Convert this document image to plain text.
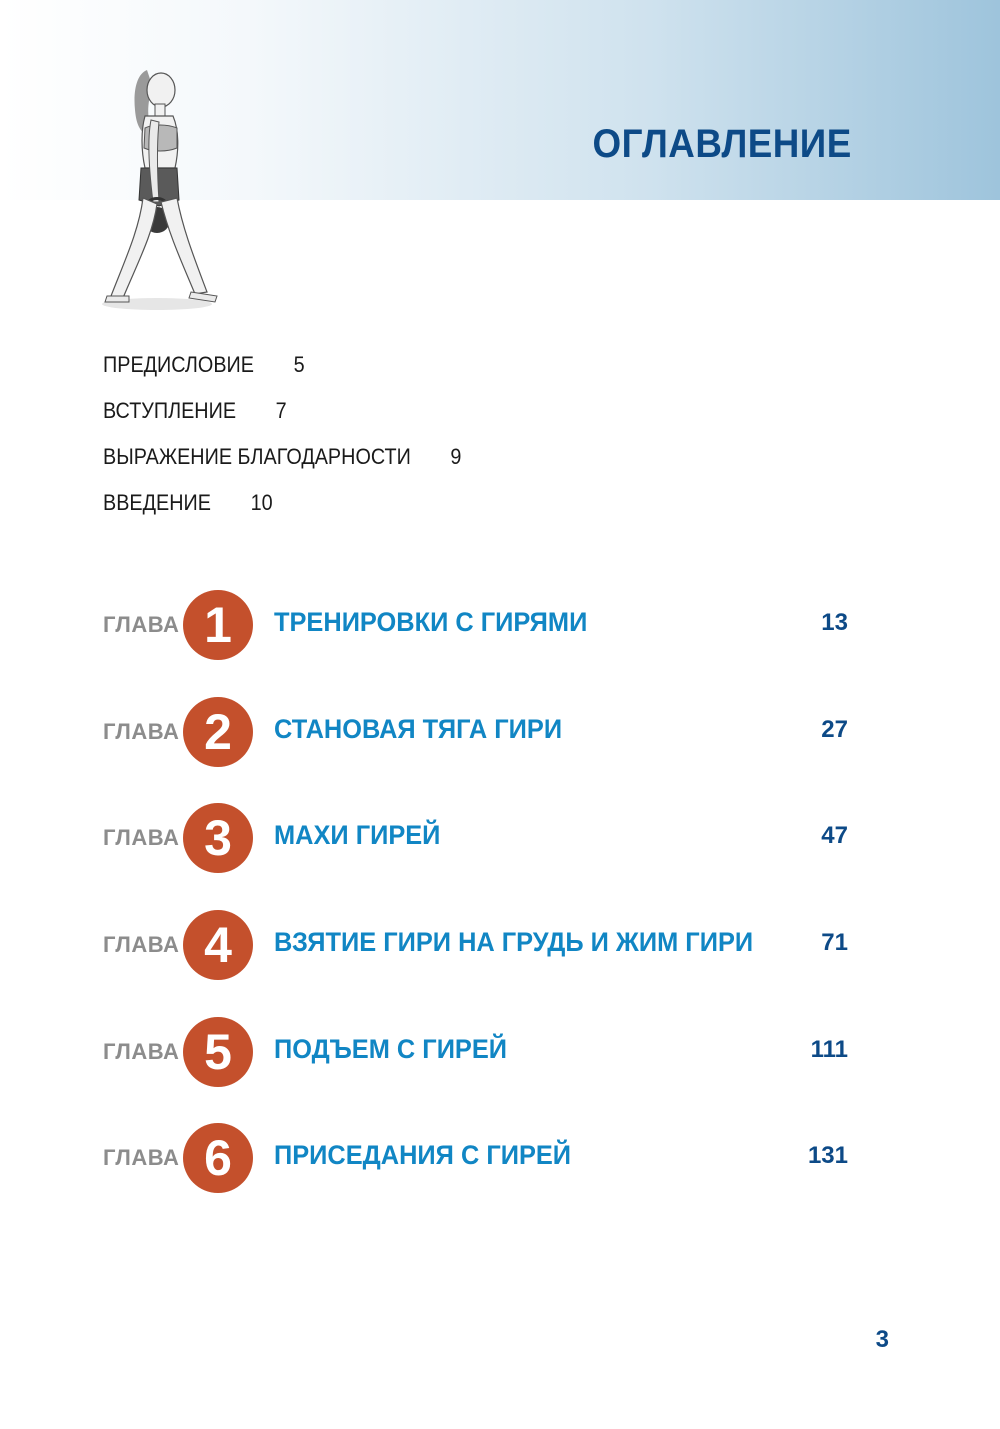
ОГЛАВЛЕНИЕ
ПРЕДИСЛОВИЕ 5
ВСТУПЛЕНИЕ 7
ВЫРАЖЕНИЕ БЛАГОДАРНОСТИ 9
ВВЕДЕНИЕ 10
ГЛАВА 1	ТРЕНИРОВКИ С ГИРЯМИ	13
ГЛАВА 2	СТАНОВАЯ ТЯГА ГИРИ	27
ГЛАВА 3	МАХИ ГИРЕЙ	47
ГЛАВА 4	ВЗЯТИЕ ГИРИ НА ГРУДЬ И ЖИМ ГИРИ	71
ГЛАВА 5	ПОДЪЕМ С ГИРЕЙ	111
ГЛАВА 6	ПРИСЕДАНИЯ С ГИРЕЙ	131
3
